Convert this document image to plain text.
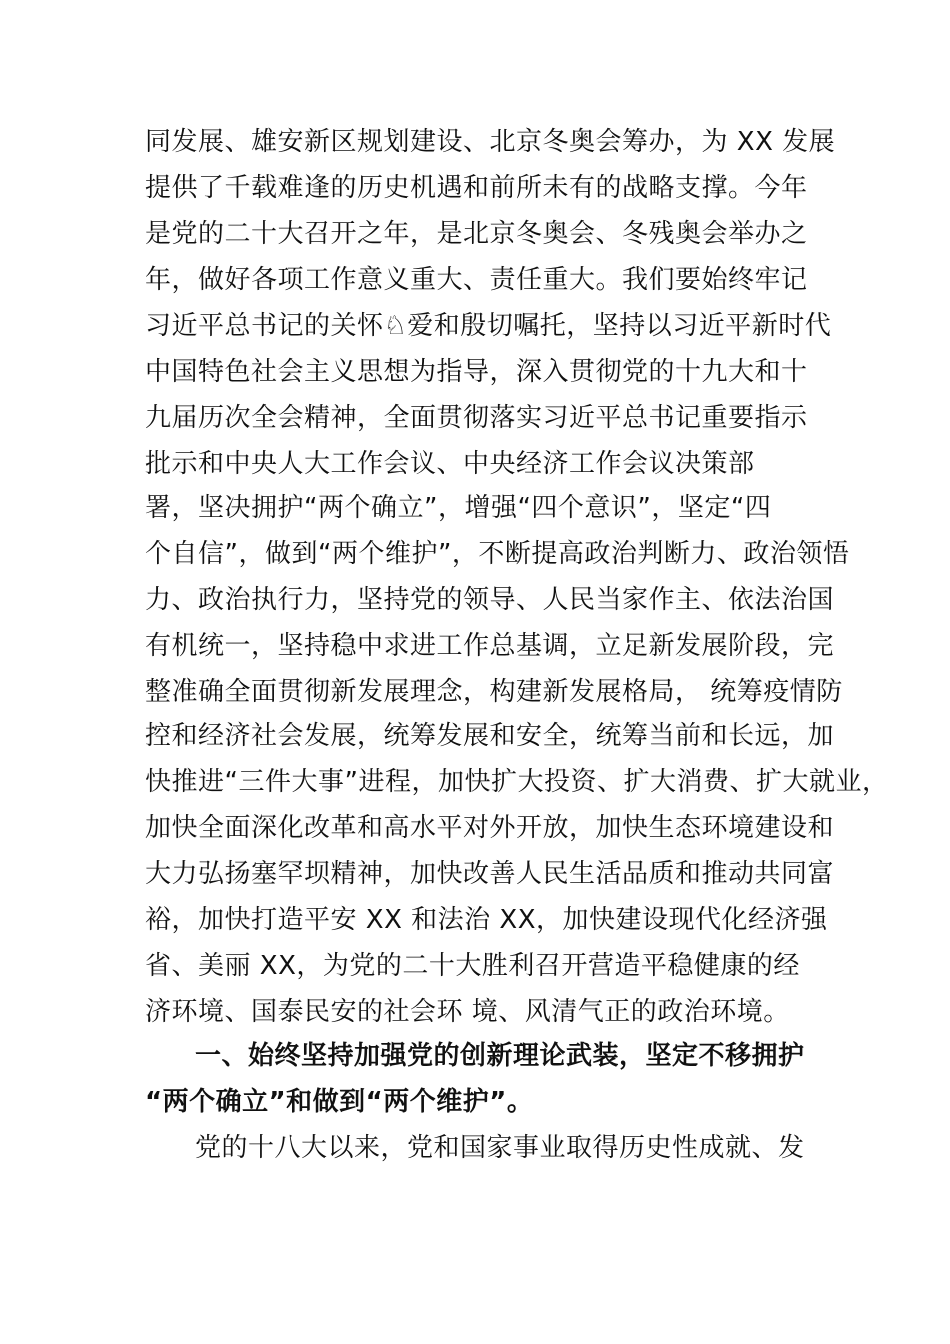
同发展、雄安新区规划建设、北京冬奥会筹办，为 XX 发展
提供了千载难逢的历史机遇和前所未有的战略支撑。今年
是党的二十大召开之年，是北京冬奥会、冬残奥会举办之
年，做好各项工作意义重大、责任重大。我们要始终牢记
习近平总书记的关怀♘爱和殷切嘱托，坚持以习近平新时代
中国特色社会主义思想为指导，深入贯彻党的十九大和十
九届历次全会精神，全面贯彻落实习近平总书记重要指示
批示和中央人大工作会议、中央经济工作会议决策部
署，坚决拥护“两个确立”，增强“四个意识”，坚定“四
个自信”，做到“两个维护”，不断提高政治判断力、政治领悟
力、政治执行力，坚持党的领导、人民当家作主、依法治国
有机统一，坚持稳中求进工作总基调，立足新发展阶段，完
整准确全面贯彻新发展理念，构建新发展格局， 统筹疫情防
控和经济社会发展，统筹发展和安全，统筹当前和长远，加
快推进“三件大事”进程，加快扩大投资、扩大消费、扩大就业，
加快全面深化改革和高水平对外开放，加快生态环境建设和
大力弘扬塞罕坝精神，加快改善人民生活品质和推动共同富
裕，加快打造平安 XX 和法治 XX，加快建设现代化经济强
省、美丽 XX，为党的二十大胜利召开营造平稳健康的经
济环境、国泰民安的社会环 境、风清气正的政治环境。
一、始终坚持加强党的创新理论武装，坚定不移拥护
“两个确立”和做到“两个维护”。
党的十八大以来，党和国家事业取得历史性成就、发
